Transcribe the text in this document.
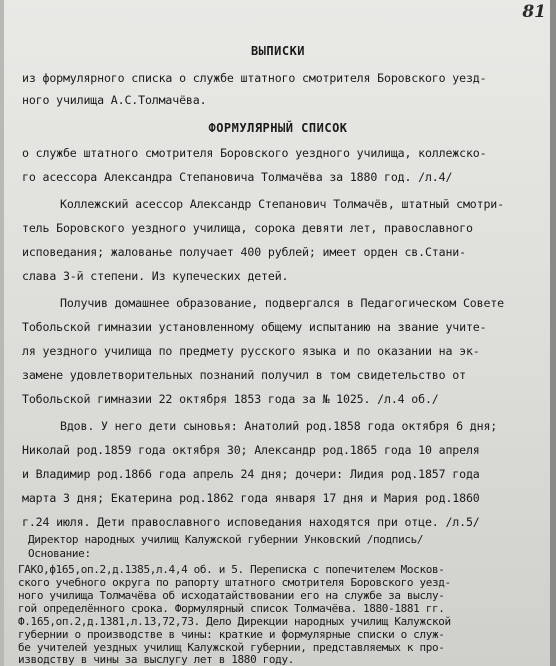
81
ВЫПИСКИ
из формулярного списка о службе штатного смотрителя Боровского уезд-
ного училища А.С.Толмачёва.
ФОРМУЛЯРНЫЙ СПИСОК
о службе штатного смотрителя Боровского уездного училища, коллежско-
го асессора Александра Степановича Толмачёва за 1880 год. /л.4/
Коллежский асессор Александр Степанович Толмачёв, штатный смотри-
тель Боровского уездного училища, сорока девяти лет, православного
исповедания; жалованье получает 400 рублей; имеет орден св.Стани-
слава 3-й степени. Из купеческих детей.
Получив домашнее образование, подвергался в Педагогическом Совете
Тобольской гимназии установленному общему испытанию на звание учите-
ля уездного училища по предмету русского языка и по оказании на эк-
замене удовлетворительных познаний получил в том свидетельство от
Тобольской гимназии 22 октября 1853 года за № 1025. /л.4 об./
Вдов. У него дети сыновья: Анатолий род.1858 года октября 6 дня;
Николай род.1859 года октября 30; Александр род.1865 года 10 апреля
и Владимир род.1866 года апрель 24 дня; дочери: Лидия род.1857 года
марта 3 дня; Екатерина род.1862 года января 17 дня и Мария род.1860
г.24 июля. Дети православного исповедания находятся при отце. /л.5/
Директор народных училищ Калужской губернии Унковский /подпись/
Основание:
ГАКО,ф165,оп.2,д.1385,л.4,4 об. и 5. Переписка с попечителем Москов-
ского учебного округа по рапорту штатного смотрителя Боровского уезд-
ного училища Толмачёва об исходатайствовании его на службе за выслу-
гой определённого срока. Формулярный список Толмачёва. 1880-1881 гг.
Ф.165,оп.2,д.1381,л.13,72,73. Дело Дирекции народных училищ Калужской
губернии о производстве в чины: краткие и формулярные списки о служ-
бе учителей уездных училищ Калужской губернии, представляемых к про-
изводству в чины за выслугу лет в 1880 году.
